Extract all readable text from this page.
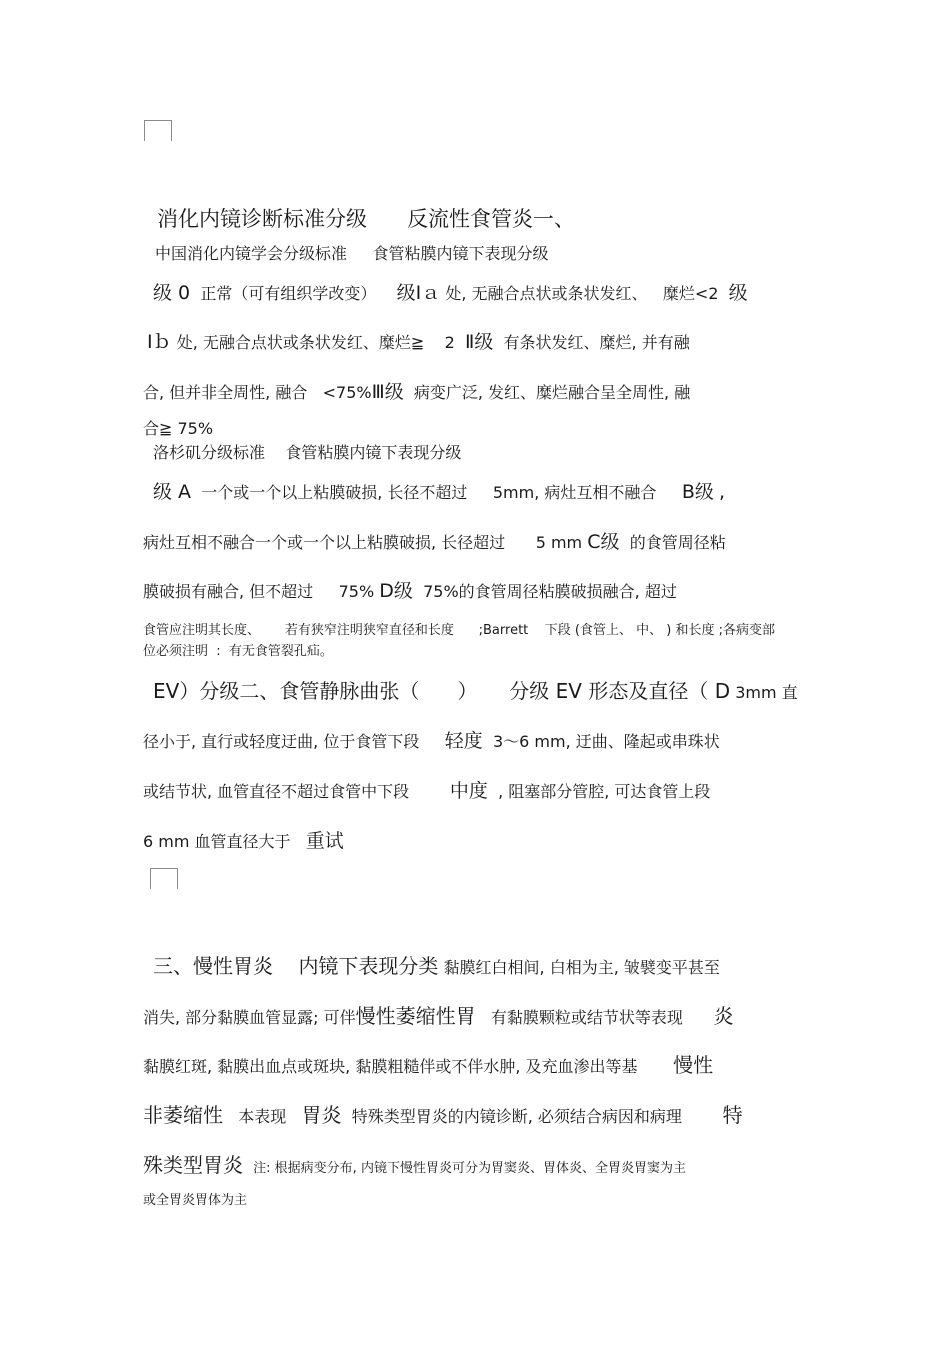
消化内镜诊断标准分级 反流性食管炎一、
中国消化内镜学会分级标准 食管粘膜内镜下表现分级
级 0 正常（可有组织学改变） 级Ⅰａ 处, 无融合点状或条状发红、 糜烂<2 级
Ⅰｂ 处, 无融合点状或条状发红、糜烂≧ 2 Ⅱ级 有条状发红、糜烂, 并有融
合, 但并非全周性, 融合 <75%Ⅲ级 病变广泛, 发红、糜烂融合呈全周性, 融
合≧ 75%
洛杉矶分级标准 食管粘膜内镜下表现分级
级 A 一个或一个以上粘膜破损, 长径不超过 5mm, 病灶互相不融合 B级 ,
病灶互相不融合一个或一个以上粘膜破损, 长径超过 5 mm C级 的食管周径粘
膜破损有融合, 但不超过 75% D级 75%的食管周径粘膜破损融合, 超过
食管应注明其长度、 若有狭窄注明狭窄直径和长度 ;Barrett 下段 (食管上、 中、 ) 和长度 ;各病变部
位必须注明  :  有无食管裂孔疝。
EV）分级二、食管静脉曲张（ ） 分级 EV 形态及直径（ D 3mm 直
径小于, 直行或轻度迂曲, 位于食管下段 轻度 3～6 mm, 迂曲、隆起或串珠状
或结节状, 血管直径不超过食管中下段 中度 , 阻塞部分管腔, 可达食管上段
6 mm 血管直径大于 重试
三、慢性胃炎 内镜下表现分类 黏膜红白相间, 白相为主, 皱襞变平甚至
消失, 部分黏膜血管显露; 可伴慢性萎缩性胃 有黏膜颗粒或结节状等表现 炎
黏膜红斑, 黏膜出血点或斑块, 黏膜粗糙伴或不伴水肿, 及充血渗出等基 慢性
非萎缩性 本表现 胃炎 特殊类型胃炎的内镜诊断, 必须结合病因和病理 特
殊类型胃炎 注: 根据病变分布, 内镜下慢性胃炎可分为胃窦炎、胃体炎、全胃炎胃窦为主
或全胃炎胃体为主
